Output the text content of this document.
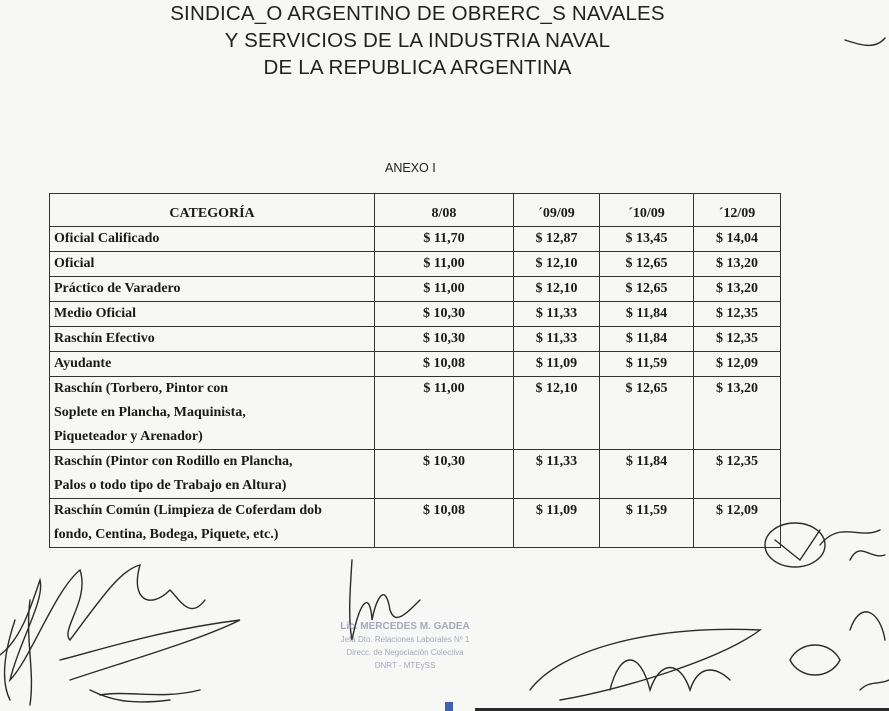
SINDICA_O ARGENTINO DE OBRERC_S NAVALES
Y SERVICIOS DE LA INDUSTRIA NAVAL
DE LA REPUBLICA ARGENTINA
ANEXO I
CATEGORÍA	8/08	´09/09	´10/09	´12/09
Oficial Calificado	$ 11,70	$ 12,87	$ 13,45	$ 14,04
Oficial	$ 11,00	$ 12,10	$ 12,65	$ 13,20
Práctico de Varadero	$ 11,00	$ 12,10	$ 12,65	$ 13,20
Medio Oficial	$ 10,30	$ 11,33	$ 11,84	$ 12,35
Raschín Efectivo	$ 10,30	$ 11,33	$ 11,84	$ 12,35
Ayudante	$ 10,08	$ 11,09	$ 11,59	$ 12,09

Raschín (Torbero, Pintor con
Soplete en Plancha, Maquinista,
Piqueteador y Arenador)	$ 11,00	$ 12,10	$ 12,65	$ 13,20

Raschín (Pintor con Rodillo en Plancha,
Palos o todo tipo de Trabajo en Altura)	$ 10,30	$ 11,33	$ 11,84	$ 12,35

Raschín Común (Limpieza de Coferdam dob
fondo, Centina, Bodega, Piquete, etc.)	$ 10,08	$ 11,09	$ 11,59	$ 12,09
Lic. MERCEDES M. GADEA
Jefa Dto. Relaciones Laborales Nº 1
Direcc. de Negociación Colectiva
DNRT - MTEySS
